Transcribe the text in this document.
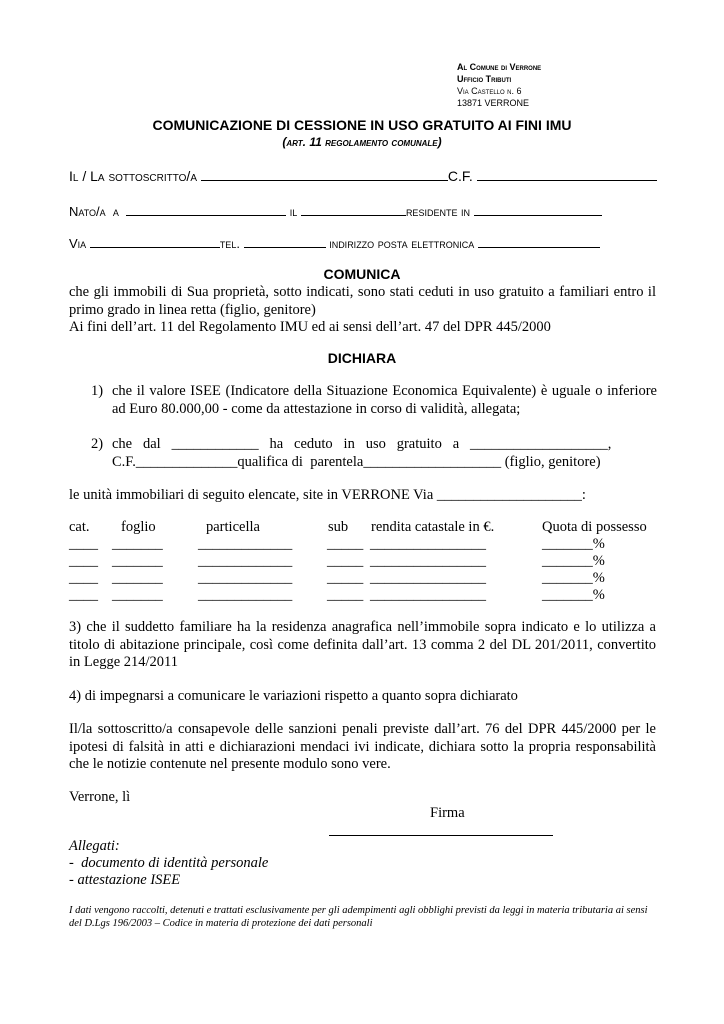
Al Comune di Verrone
Ufficio Tributi
Via Castello n. 6
13871 VERRONE
COMUNICAZIONE DI CESSIONE IN USO GRATUITO AI FINI IMU
(art. 11 regolamento comunale)
Il / La sottoscritto/a	C.F.
Nato/a a	il	residente in
Via	tel.	indirizzo posta elettronica
COMUNICA
che gli immobili di Sua proprietà, sotto indicati, sono stati ceduti in uso gratuito a familiari entro il primo grado in linea retta (figlio, genitore)
Ai fini dell’art. 11 del Regolamento IMU ed ai sensi dell’art. 47 del DPR 445/2000
DICHIARA
1) che il valore ISEE (Indicatore della Situazione Economica Equivalente) è uguale o inferiore ad Euro 80.000,00 - come da attestazione in corso di validità, allegata;
2) che   dal   ____________   ha   ceduto   in   uso   gratuito   a   ___________________,
C.F.______________qualifica di  parentela___________________ (figlio, genitore)
le unità immobiliari di seguito elencate, site in VERRONE Via ____________________:
cat. foglio	particella	sub rendita catastale in €.	Quota di possesso
____ _______ _____________ _____ ________________	_______%
____ _______ _____________ _____ ________________	_______%
____ _______ _____________ _____ ________________	_______%
____ _______ _____________ _____ ________________	_______%
3) che il suddetto familiare ha la residenza anagrafica nell’immobile sopra indicato e lo utilizza a titolo di abitazione principale, così come definita dall’art. 13 comma 2 del DL 201/2011, convertito in Legge 214/2011
4) di impegnarsi a comunicare le variazioni rispetto a quanto sopra dichiarato
Il/la sottoscritto/a consapevole delle sanzioni penali previste dall’art. 76 del DPR 445/2000 per le ipotesi di falsità in atti e dichiarazioni mendaci ivi indicate, dichiara sotto la propria responsabilità che le notizie contenute nel presente modulo sono vere.
Verrone, lì
Firma
Allegati:
-  documento di identità personale
- attestazione ISEE
I dati vengono raccolti, detenuti e trattati esclusivamente per gli adempimenti agli obblighi previsti da leggi in materia tributaria ai sensi del D.Lgs 196/2003 – Codice in materia di protezione dei dati personali
